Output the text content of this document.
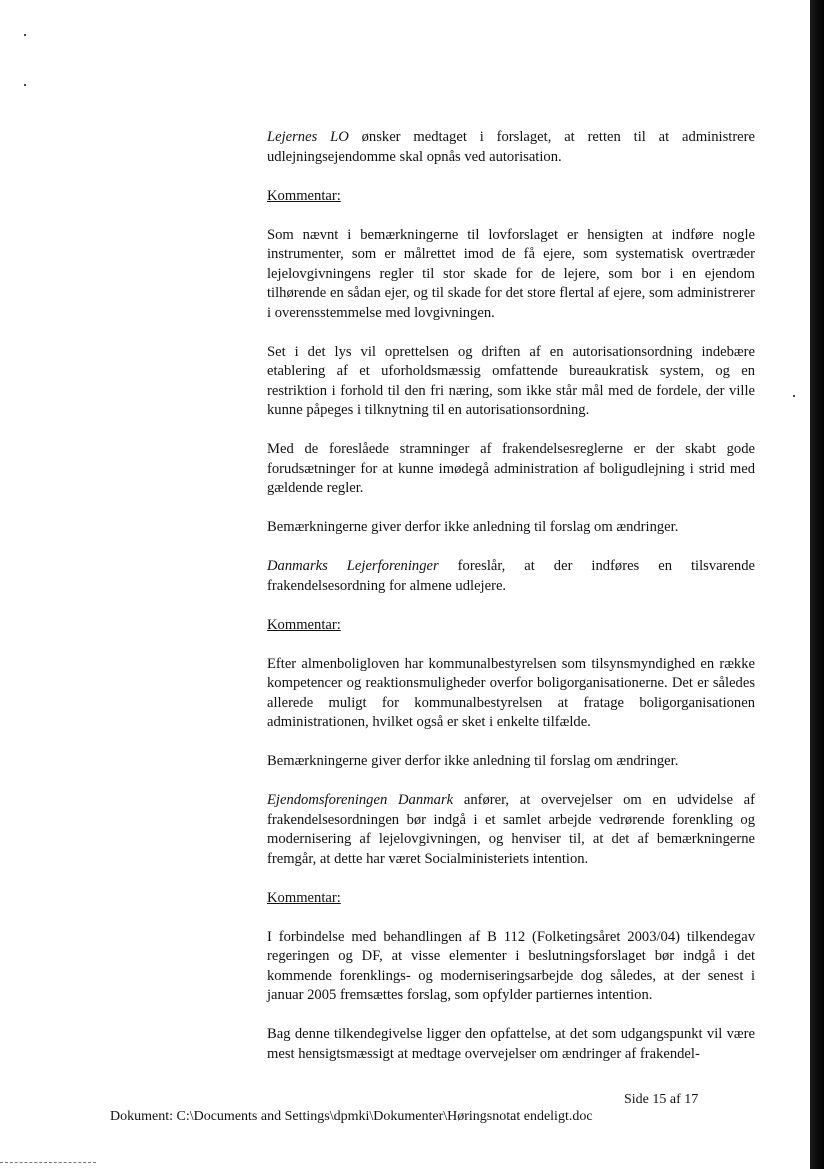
Lejernes LO ønsker medtaget i forslaget, at retten til at administrere udlejningsejendomme skal opnås ved autorisation.

Kommentar:

Som nævnt i bemærkningerne til lovforslaget er hensigten at indføre nogle instrumenter, som er målrettet imod de få ejere, som systematisk overtræder lejelovgivningens regler til stor skade for de lejere, som bor i en ejendom tilhørende en sådan ejer, og til skade for det store flertal af ejere, som administrerer i overensstemmelse med lovgivningen.

Set i det lys vil oprettelsen og driften af en autorisationsordning indebære etablering af et uforholdsmæssig omfattende bureaukratisk system, og en restriktion i forhold til den fri næring, som ikke står mål med de fordele, der ville kunne påpeges i tilknytning til en autorisationsordning.

Med de foreslåede stramninger af frakendelsesreglerne er der skabt gode forudsætninger for at kunne imødegå administration af boligudlejning i strid med gældende regler.

Bemærkningerne giver derfor ikke anledning til forslag om ændringer.

Danmarks Lejerforeninger foreslår, at der indføres en tilsvarende frakendelsesordning for almene udlejere.

Kommentar:

Efter almenboligloven har kommunalbestyrelsen som tilsynsmyndighed en række kompetencer og reaktionsmuligheder overfor boligorganisationerne. Det er således allerede muligt for kommunalbestyrelsen at fratage boligorganisationen administrationen, hvilket også er sket i enkelte tilfælde.

Bemærkningerne giver derfor ikke anledning til forslag om ændringer.

Ejendomsforeningen Danmark anfører, at overvejelser om en udvidelse af frakendelsesordningen bør indgå i et samlet arbejde vedrørende forenkling og modernisering af lejelovgivningen, og henviser til, at det af bemærkningerne fremgår, at dette har været Socialministeriets intention.

Kommentar:

I forbindelse med behandlingen af B 112 (Folketingsåret 2003/04) tilkendegav regeringen og DF, at visse elementer i beslutningsforslaget bør indgå i det kommende forenklings- og moderniseringsarbejde dog således, at der senest i januar 2005 fremsættes forslag, som opfylder partiernes intention.

Bag denne tilkendegivelse ligger den opfattelse, at det som udgangspunkt vil være mest hensigtsmæssigt at medtage overvejelser om ændringer af frakendel-

Side 15 af 17
Dokument: C:\Documents and Settings\dpmki\Dokumenter\Høringsnotat endeligt.doc
